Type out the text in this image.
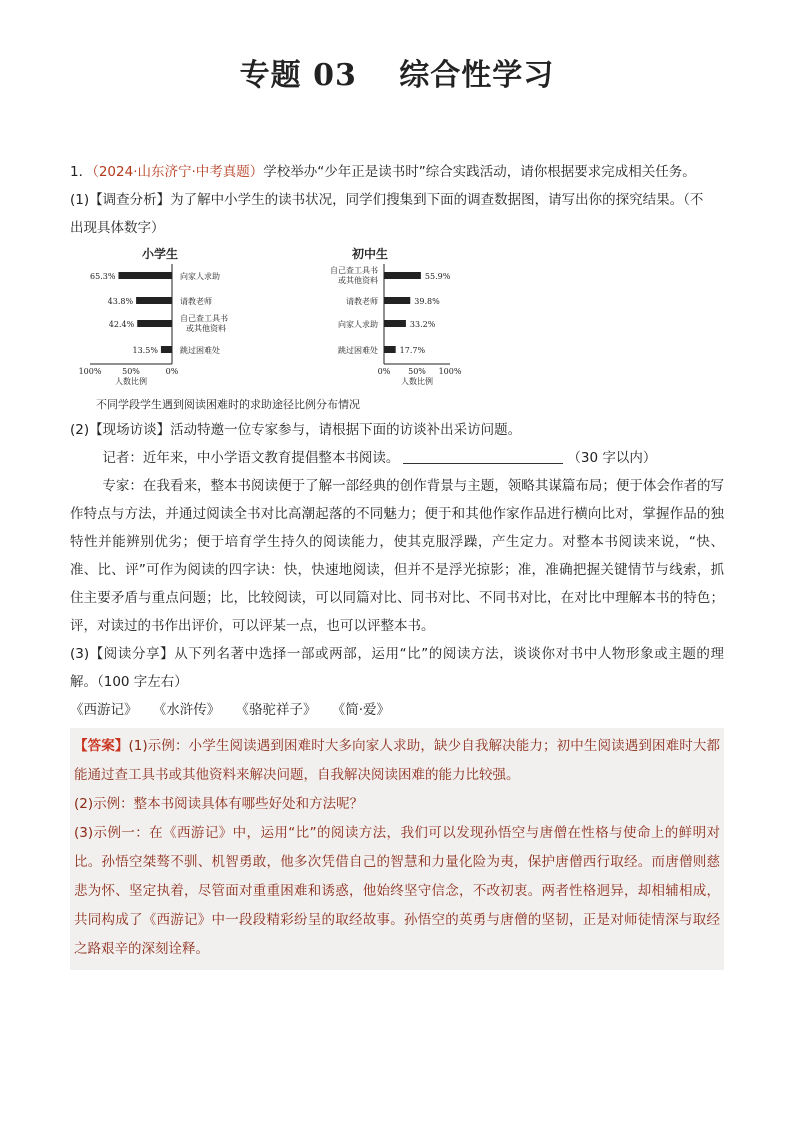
专题 03　 综合性学习
1．（2024·山东济宁·中考真题）学校举办“少年正是读书时”综合实践活动，请你根据要求完成相关任务。
(1)【调查分析】为了解中小学生的读书状况，同学们搜集到下面的调查数据图，请写出你的探究结果。（不
出现具体数字）
小学生
65.3%
43.8%
42.4%
13.5%
向家人求助
请教老师
自己查工具书
或其他资料
跳过困难处
100%	50%	0%
人数比例
初中生
55.9%
39.8%
33.2%
17.7%
自己查工具书
或其他资料
请教老师
向家人求助
跳过困难处
0% 50% 100%
人数比例
不同学段学生遇到阅读困难时的求助途径比例分布情况
(2)【现场访谈】活动特邀一位专家参与，请根据下面的访谈补出采访问题。
记者：近年来，中小学语文教育提倡整本书阅读。	（30 字以内）
专家：在我看来，整本书阅读便于了解一部经典的创作背景与主题，领略其谋篇布局；便于体会作者的写作特点与方法，并通过阅读全书对比高潮起落的不同魅力；便于和其他作家作品进行横向比对，掌握作品的独特性并能辨别优劣；便于培育学生持久的阅读能力，使其克服浮躁，产生定力。对整本书阅读来说，“快、准、比、评”可作为阅读的四字诀：快，快速地阅读，但并不是浮光掠影；准，准确把握关键情节与线索，抓住主要矛盾与重点问题；比，比较阅读，可以同篇对比、同书对比、不同书对比，在对比中理解本书的特色；评，对读过的书作出评价，可以评某一点，也可以评整本书。
(3)【阅读分享】从下列名著中选择一部或两部，运用“比”的阅读方法，谈谈你对书中人物形象或主题的理解。（100 字左右）
《西游记》 《水浒传》 《骆驼祥子》 《简·爱》
【答案】(1)示例：小学生阅读遇到困难时大多向家人求助，缺少自我解决能力；初中生阅读遇到困难时大都能通过查工具书或其他资料来解决问题，自我解决阅读困难的能力比较强。
(2)示例：整本书阅读具体有哪些好处和方法呢？
(3)示例一：在《西游记》中，运用“比”的阅读方法，我们可以发现孙悟空与唐僧在性格与使命上的鲜明对比。孙悟空桀骜不驯、机智勇敢，他多次凭借自己的智慧和力量化险为夷，保护唐僧西行取经。而唐僧则慈悲为怀、坚定执着，尽管面对重重困难和诱惑，他始终坚守信念，不改初衷。两者性格迥异，却相辅相成，共同构成了《西游记》中一段段精彩纷呈的取经故事。孙悟空的英勇与唐僧的坚韧，正是对师徒情深与取经之路艰辛的深刻诠释。
